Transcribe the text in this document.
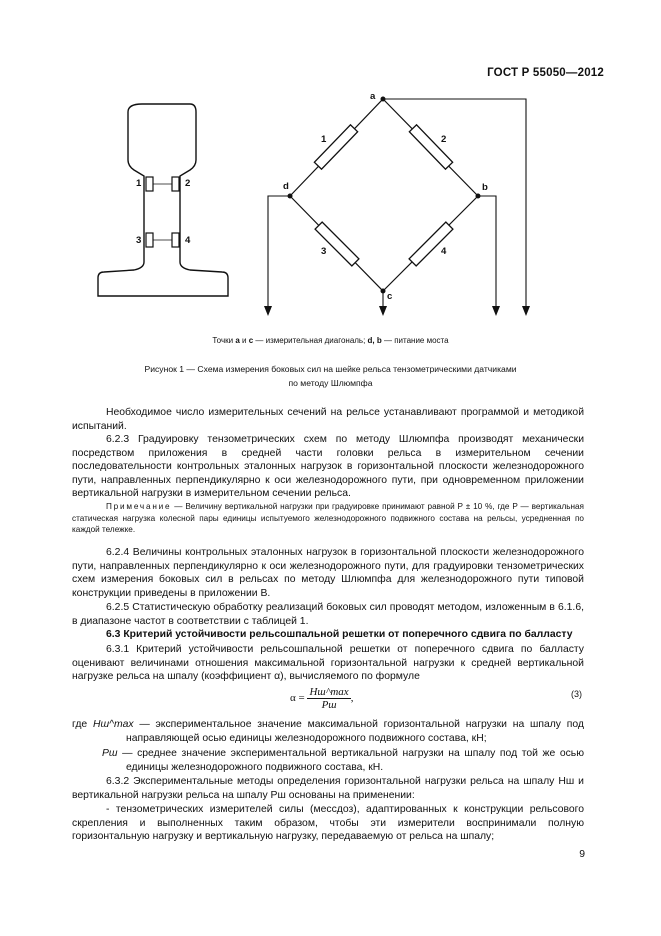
ГОСТ Р 55050—2012
1	2
3	4
a
b
c
d
1	2
3	4
Точки a и c — измерительная диагональ; d, b — питание моста
Рисунок 1 — Схема измерения боковых сил на шейке рельса тензометрическими датчиками
по методу Шлюмпфа
Необходимое число измерительных сечений на рельсе устанавливают программой и методикой испытаний.
6.2.3 Градуировку тензометрических схем по методу Шлюмпфа производят механически посредством приложения в средней части головки рельса в измерительном сечении последовательности контрольных эталонных нагрузок в горизонтальной плоскости железнодорожного пути, направленных перпендикулярно к оси железнодорожного пути, при одновременном приложении вертикальной нагрузки в измерительном сечении рельса.
Примечание — Величину вертикальной нагрузки при градуировке принимают равной P ± 10 %, где P — вертикальная статическая нагрузка колесной пары единицы испытуемого железнодорожного подвижного состава на рельсы, усредненная по каждой тележке.
6.2.4 Величины контрольных эталонных нагрузок в горизонтальной плоскости железнодорожного пути, направленных перпендикулярно к оси железнодорожного пути, для градуировки тензометрических схем измерения боковых сил в рельсах по методу Шлюмпфа для железнодорожного пути типовой конструкции приведены в приложении В.
6.2.5 Статистическую обработку реализаций боковых сил проводят методом, изложенным в 6.1.6, в диапазоне частот в соответствии с таблицей 1.
6.3 Критерий устойчивости рельсошпальной решетки от поперечного сдвига по балласту
6.3.1 Критерий устойчивости рельсошпальной решетки от поперечного сдвига по балласту оценивают величинами отношения максимальной горизонтальной нагрузки к средней вертикальной нагрузке рельса на шпалу (коэффициент α), вычисляемого по формуле
$\alpha = \frac{Hш\^{}\max}{Pш}$ ,	(3)
где Hш^max — экспериментальное значение максимальной горизонтальной нагрузки на шпалу под направляющей осью единицы железнодорожного подвижного состава, кН;
Pш — среднее значение экспериментальной вертикальной нагрузки на шпалу под той же осью единицы железнодорожного подвижного состава, кН.
6.3.2 Экспериментальные методы определения горизонтальной нагрузки рельса на шпалу Hш и вертикальной нагрузки рельса на шпалу Pш основаны на применении:
- тензометрических измерителей силы (мессдоз), адаптированных к конструкции рельсового скрепления и выполненных таким образом, чтобы эти измерители воспринимали полную горизонтальную нагрузку и вертикальную нагрузку, передаваемую от рельса на шпалу;
9
